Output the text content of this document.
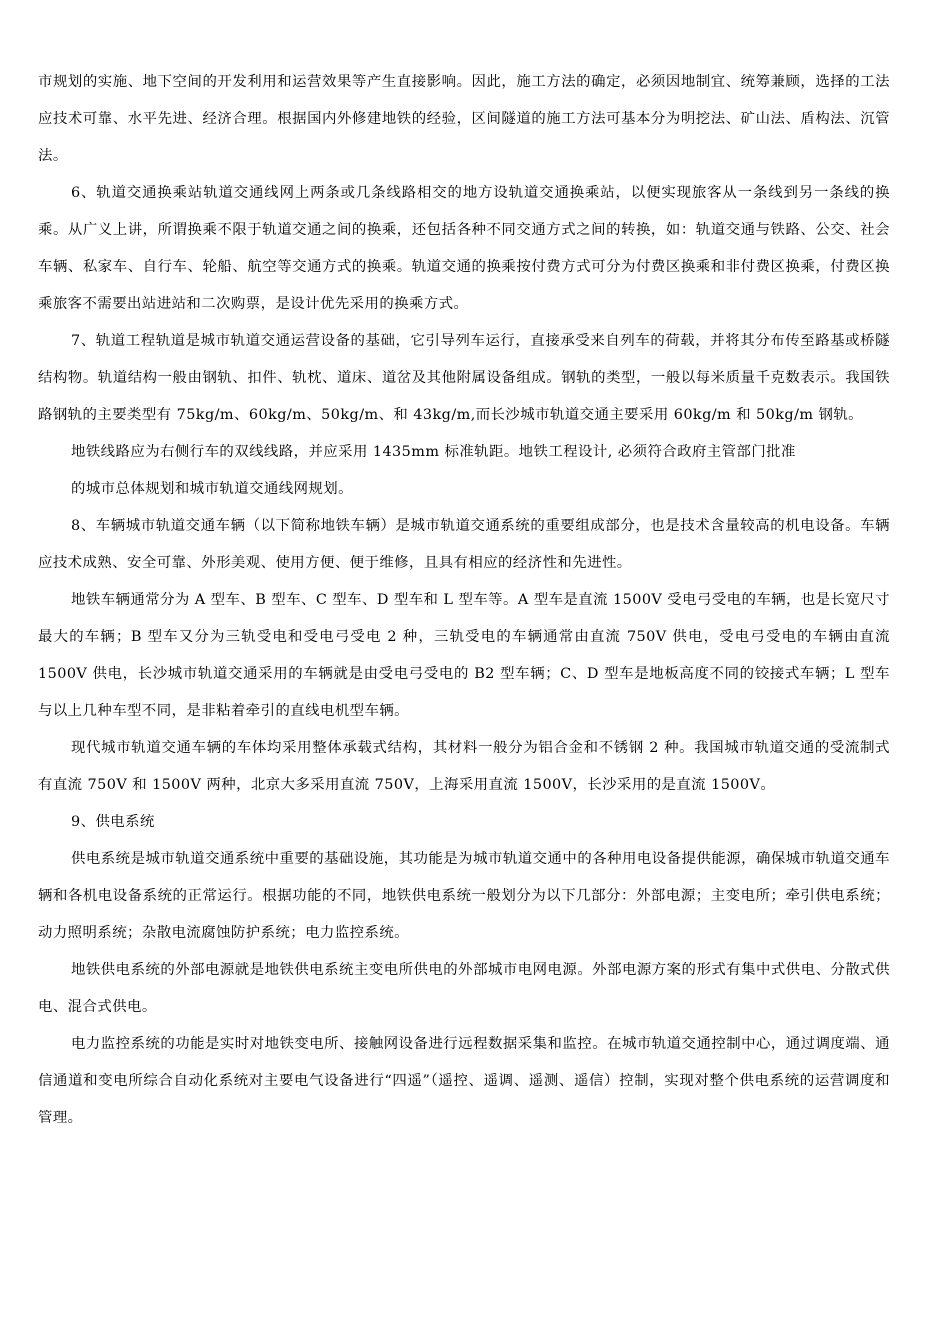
市规划的实施、地下空间的开发利用和运营效果等产生直接影响。因此，施工方法的确定，必须因地制宜、统筹兼顾，选择的工法应技术可靠、水平先进、经济合理。根据国内外修建地铁的经验，区间隧道的施工方法可基本分为明挖法、矿山法、盾构法、沉管法。

6、轨道交通换乘站轨道交通线网上两条或几条线路相交的地方设轨道交通换乘站，以便实现旅客从一条线到另一条线的换乘。从广义上讲，所谓换乘不限于轨道交通之间的换乘，还包括各种不同交通方式之间的转换，如：轨道交通与铁路、公交、社会车辆、私家车、自行车、轮船、航空等交通方式的换乘。轨道交通的换乘按付费方式可分为付费区换乘和非付费区换乘，付费区换乘旅客不需要出站进站和二次购票，是设计优先采用的换乘方式。

7、轨道工程轨道是城市轨道交通运营设备的基础，它引导列车运行，直接承受来自列车的荷载，并将其分布传至路基或桥隧结构物。轨道结构一般由钢轨、扣件、轨枕、道床、道岔及其他附属设备组成。钢轨的类型，一般以每米质量千克数表示。我国铁路钢轨的主要类型有 75kg/m、60kg/m、50kg/m、和 43kg/m,而长沙城市轨道交通主要采用 60kg/m 和 50kg/m 钢轨。

地铁线路应为右侧行车的双线线路，并应采用 1435mm 标准轨距。地铁工程设计, 必须符合政府主管部门批准

的城市总体规划和城市轨道交通线网规划。

8、车辆城市轨道交通车辆（以下简称地铁车辆）是城市轨道交通系统的重要组成部分，也是技术含量较高的机电设备。车辆应技术成熟、安全可靠、外形美观、使用方便、便于维修，且具有相应的经济性和先进性。

地铁车辆通常分为 A 型车、B 型车、C 型车、D 型车和 L 型车等。A 型车是直流 1500V 受电弓受电的车辆，也是长宽尺寸最大的车辆；B 型车又分为三轨受电和受电弓受电 2 种，三轨受电的车辆通常由直流 750V 供电，受电弓受电的车辆由直流 1500V 供电，长沙城市轨道交通采用的车辆就是由受电弓受电的 B2 型车辆；C、D 型车是地板高度不同的铰接式车辆；L 型车与以上几种车型不同，是非粘着牵引的直线电机型车辆。

现代城市轨道交通车辆的车体均采用整体承载式结构，其材料一般分为铝合金和不锈钢 2 种。我国城市轨道交通的受流制式有直流 750V 和 1500V 两种，北京大多采用直流 750V，上海采用直流 1500V，长沙采用的是直流 1500V。

9、供电系统

供电系统是城市轨道交通系统中重要的基础设施，其功能是为城市轨道交通中的各种用电设备提供能源，确保城市轨道交通车辆和各机电设备系统的正常运行。根据功能的不同，地铁供电系统一般划分为以下几部分：外部电源；主变电所；牵引供电系统；动力照明系统；杂散电流腐蚀防护系统；电力监控系统。

地铁供电系统的外部电源就是地铁供电系统主变电所供电的外部城市电网电源。外部电源方案的形式有集中式供电、分散式供电、混合式供电。

电力监控系统的功能是实时对地铁变电所、接触网设备进行远程数据采集和监控。在城市轨道交通控制中心，通过调度端、通信通道和变电所综合自动化系统对主要电气设备进行“四遥”（遥控、遥调、遥测、遥信）控制，实现对整个供电系统的运营调度和管理。
